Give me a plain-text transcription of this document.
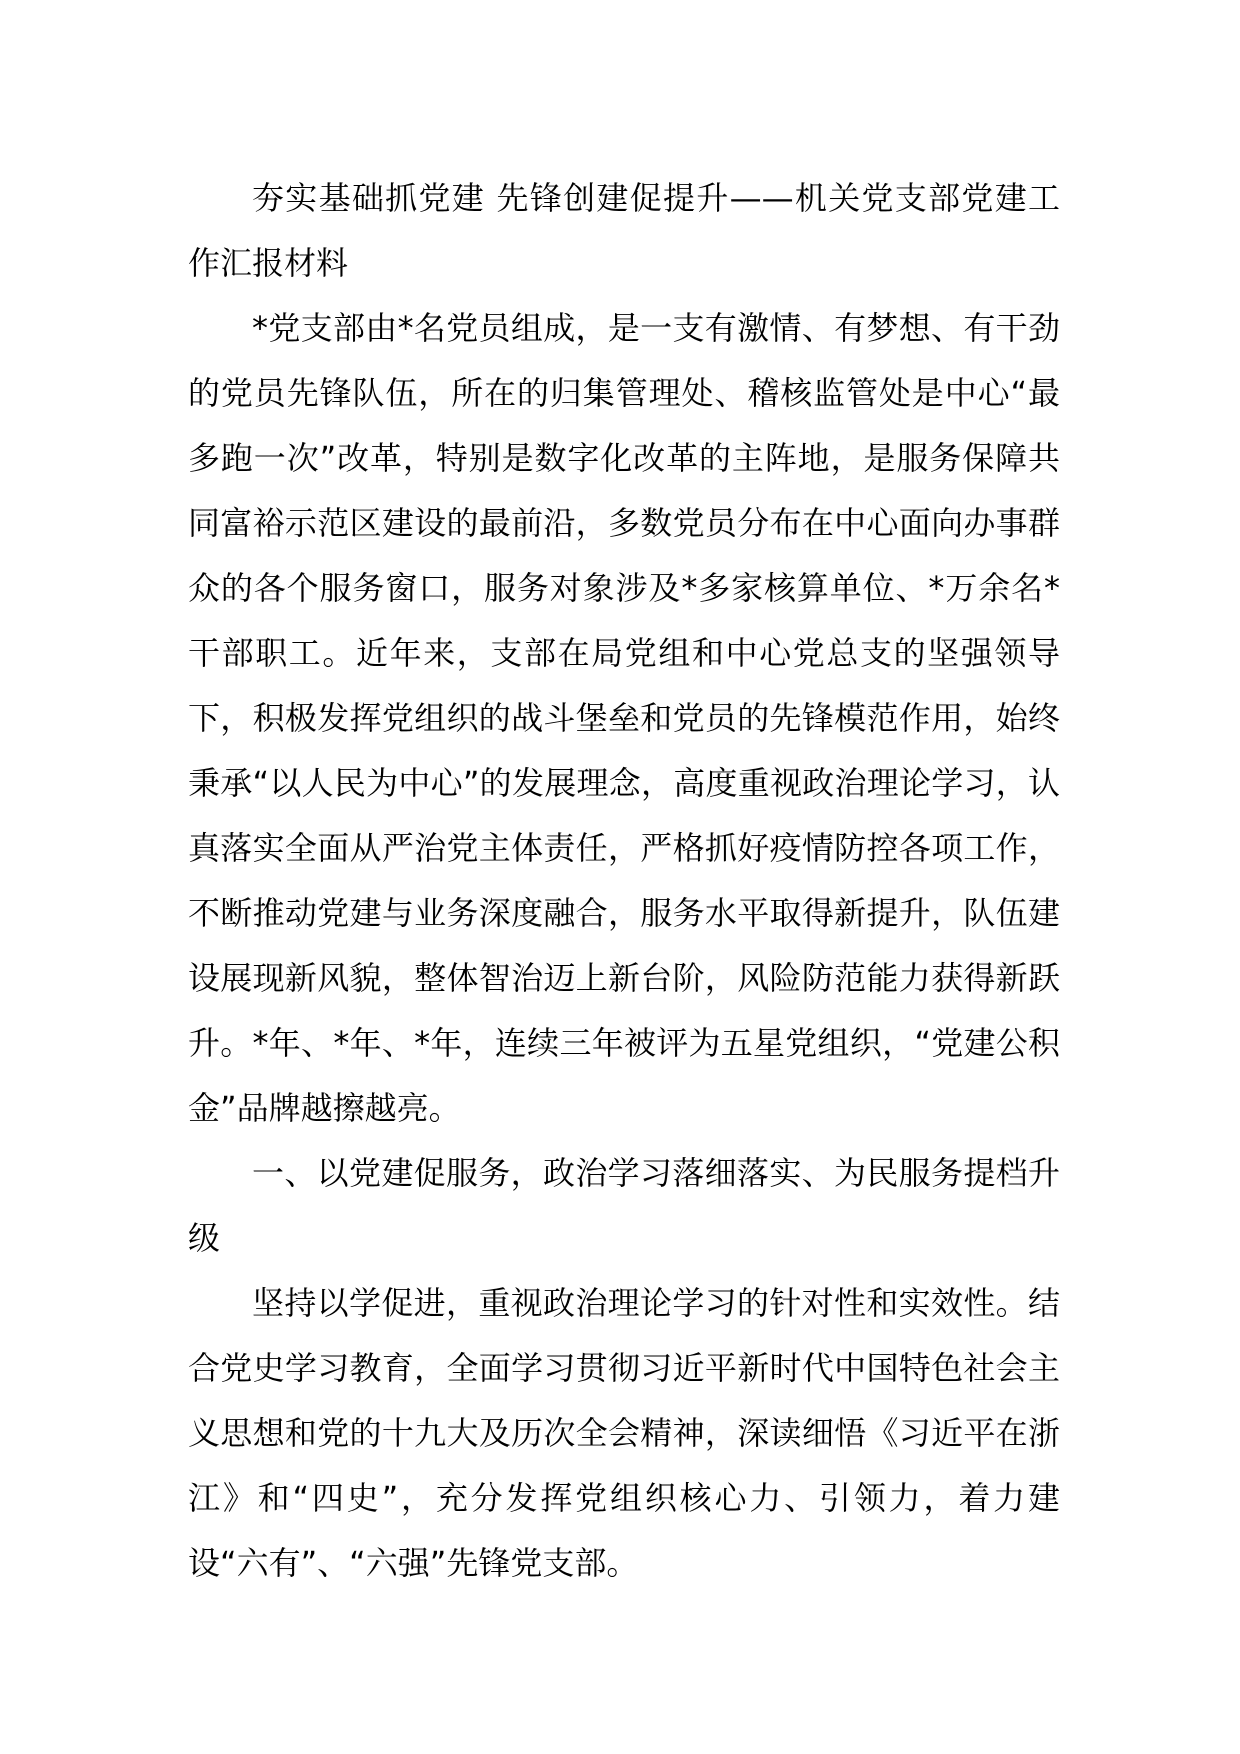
夯实基础抓党建 先锋创建促提升——机关党支部党建工作汇报材料

*党支部由*名党员组成，是一支有激情、有梦想、有干劲的党员先锋队伍，所在的归集管理处、稽核监管处是中心“最多跑一次”改革，特别是数字化改革的主阵地，是服务保障共同富裕示范区建设的最前沿，多数党员分布在中心面向办事群众的各个服务窗口，服务对象涉及*多家核算单位、*万余名*干部职工。近年来，支部在局党组和中心党总支的坚强领导下，积极发挥党组织的战斗堡垒和党员的先锋模范作用，始终秉承“以人民为中心”的发展理念，高度重视政治理论学习，认真落实全面从严治党主体责任，严格抓好疫情防控各项工作，不断推动党建与业务深度融合，服务水平取得新提升，队伍建设展现新风貌，整体智治迈上新台阶，风险防范能力获得新跃升。*年、*年、*年，连续三年被评为五星党组织，“党建公积金”品牌越擦越亮。

一、以党建促服务，政治学习落细落实、为民服务提档升级

坚持以学促进，重视政治理论学习的针对性和实效性。结合党史学习教育，全面学习贯彻习近平新时代中国特色社会主义思想和党的十九大及历次全会精神，深读细悟《习近平在浙江》和“四史”，充分发挥党组织核心力、引领力，着力建设“六有”、“六强”先锋党支部。
